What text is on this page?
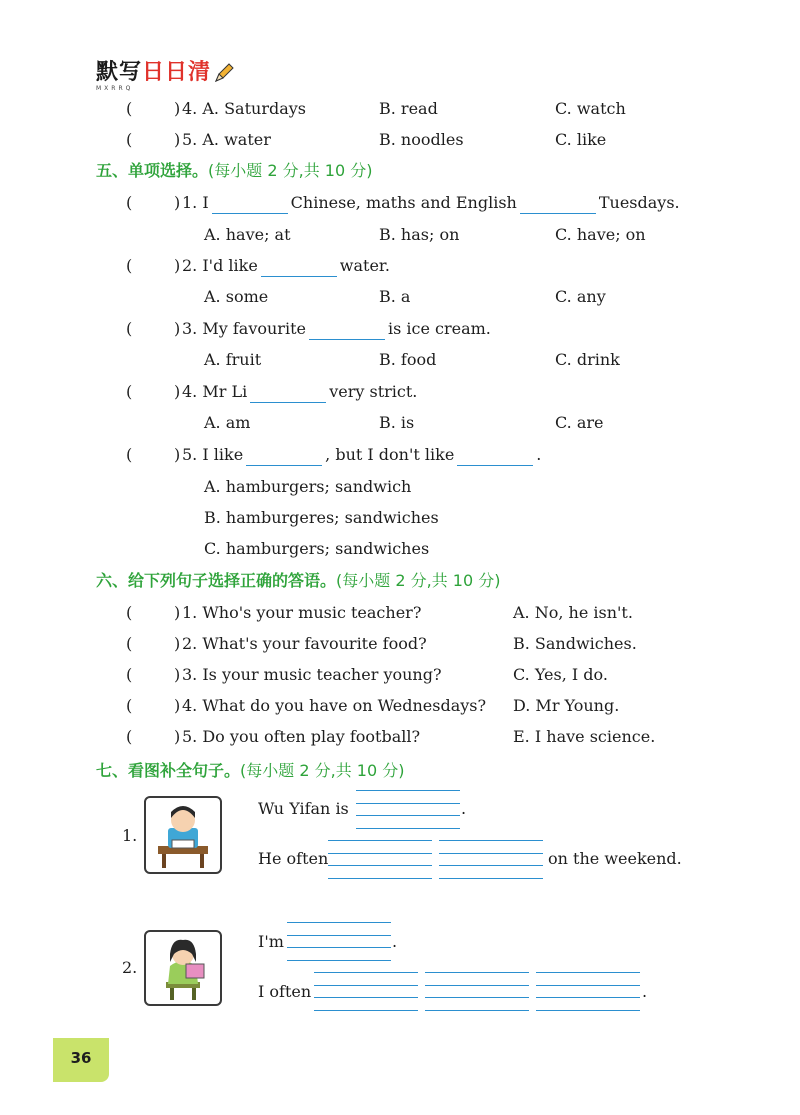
默写日日清
MXRRQ
(	) 4. A. Saturdays	B. read	C. watch
(	) 5. A. water	B. noodles	C. like
五、单项选择。(每小题 2 分,共 10 分)
(	) 1. I	Chinese, maths and English	Tuesdays.
A. have; at	B. has; on	C. have; on
(	) 2. I'd like	water.
A. some	B. a	C. any
(	) 3. My favourite	is ice cream.
A. fruit	B. food	C. drink
(	) 4. Mr Li	very strict.
A. am	B. is	C. are
(	) 5. I like	, but I don't like	.
A. hamburgers; sandwich
B. hamburgeres; sandwiches
C. hamburgers; sandwiches
六、给下列句子选择正确的答语。(每小题 2 分,共 10 分)
(	) 1. Who's your music teacher?	A. No, he isn't.
(	) 2. What's your favourite food?	B. Sandwiches.
(	) 3. Is your music teacher young?	C. Yes, I do.
(	) 4. What do you have on Wednesdays? D. Mr Young.
(	) 5. Do you often play football?	E. I have science.
七、看图补全句子。(每小题 2 分,共 10 分)
1.
Wu Yifan is	.
He often	on the weekend.
2.
I'm	.
I often	.
36
